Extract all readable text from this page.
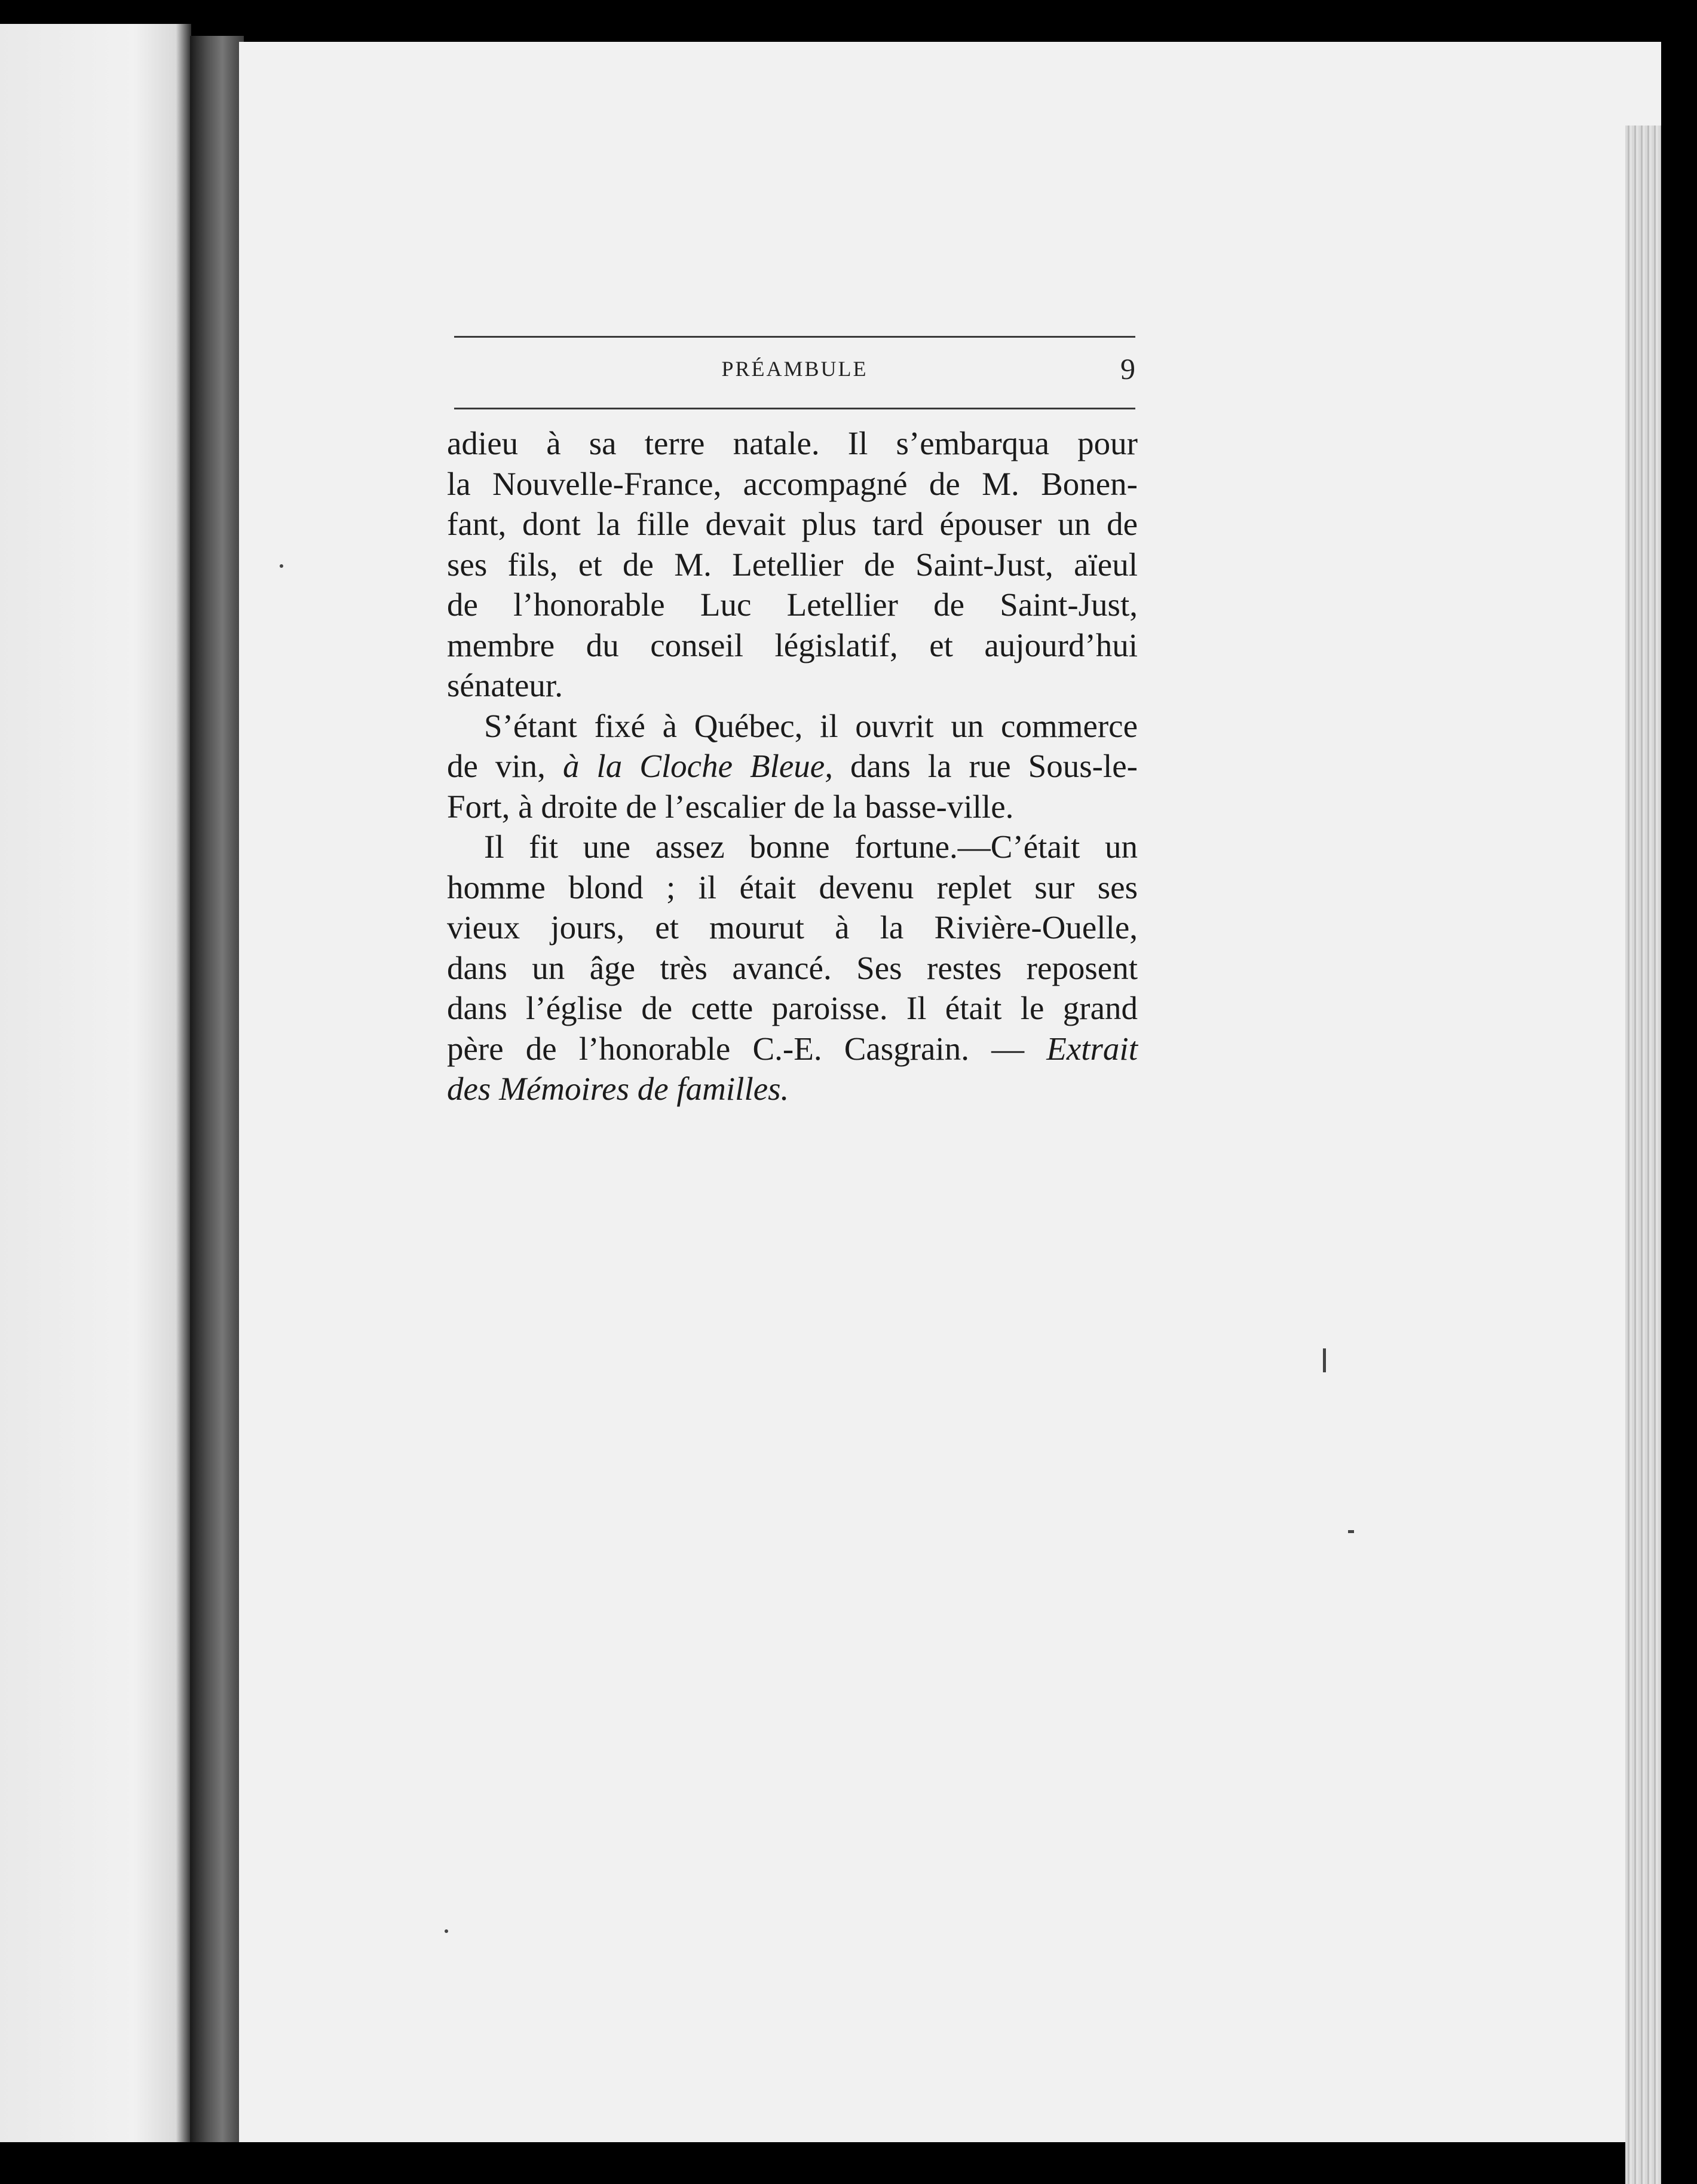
PRÉAMBULE	9

adieu à sa terre natale. Il s’embarqua pour
la Nouvelle-France, accompagné de M. Bonen-
fant, dont la fille devait plus tard épouser un de
ses fils, et de M. Letellier de Saint-Just, aïeul
de l’honorable Luc Letellier de Saint-Just,
membre du conseil législatif, et aujourd’hui
sénateur.

S’étant fixé à Québec, il ouvrit un commerce
de vin, à la Cloche Bleue, dans la rue Sous-le-
Fort, à droite de l’escalier de la basse-ville.

Il fit une assez bonne fortune.—C’était un
homme blond ; il était devenu replet sur ses
vieux jours, et mourut à la Rivière-Ouelle,
dans un âge très avancé. Ses restes reposent
dans l’église de cette paroisse. Il était le grand
père de l’honorable C.-E. Casgrain. — Extrait
des Mémoires de familles.
